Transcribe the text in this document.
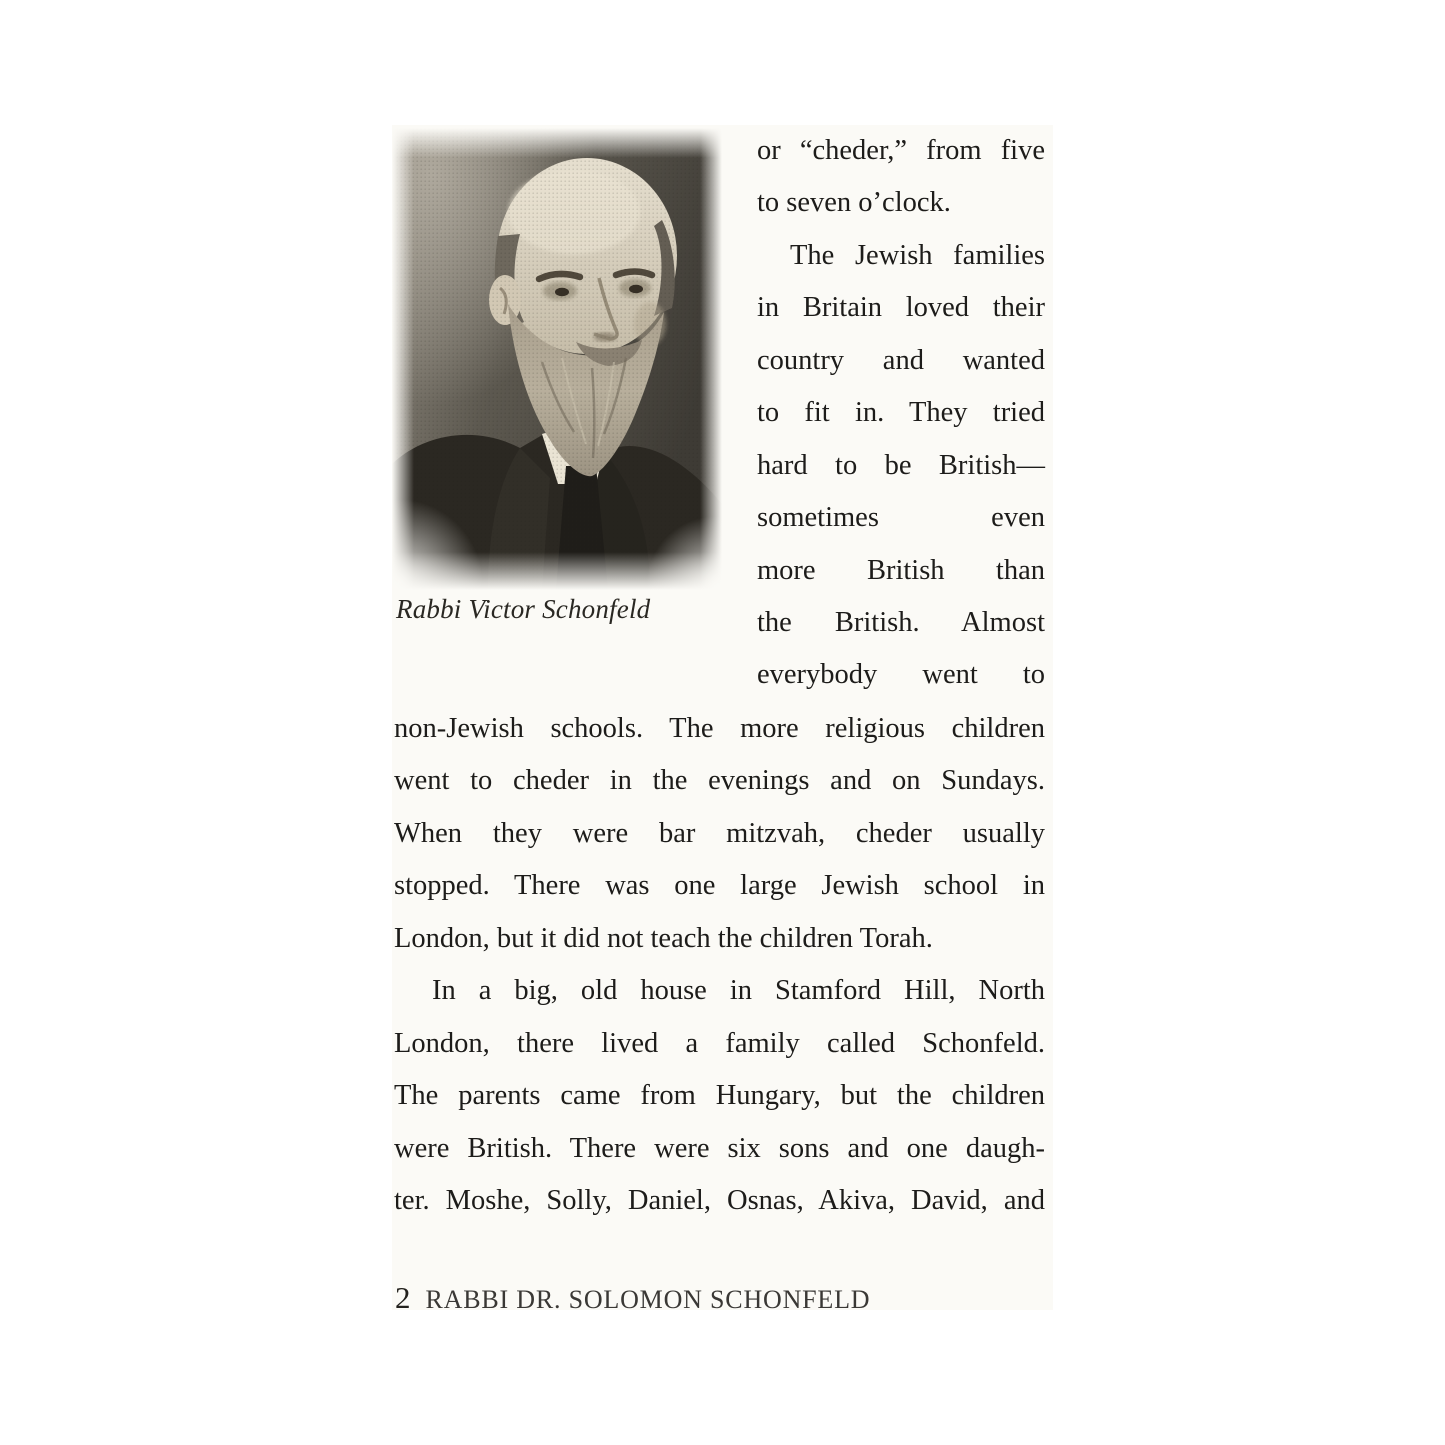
Rabbi Victor Schonfeld
or “cheder,” from five
to seven o’clock.
The Jewish families
in Britain loved their
country and wanted
to fit in. They tried
hard to be British—
sometimes even
more British than
the British. Almost
everybody went to
non-Jewish schools. The more religious children
went to cheder in the evenings and on Sundays.
When they were bar mitzvah, cheder usually
stopped. There was one large Jewish school in
London, but it did not teach the children Torah.
In a big, old house in Stamford Hill, North
London, there lived a family called Schonfeld.
The parents came from Hungary, but the children
were British. There were six sons and one daugh-
ter. Moshe, Solly, Daniel, Osnas, Akiva, David, and
2 RABBI DR. SOLOMON SCHONFELD
